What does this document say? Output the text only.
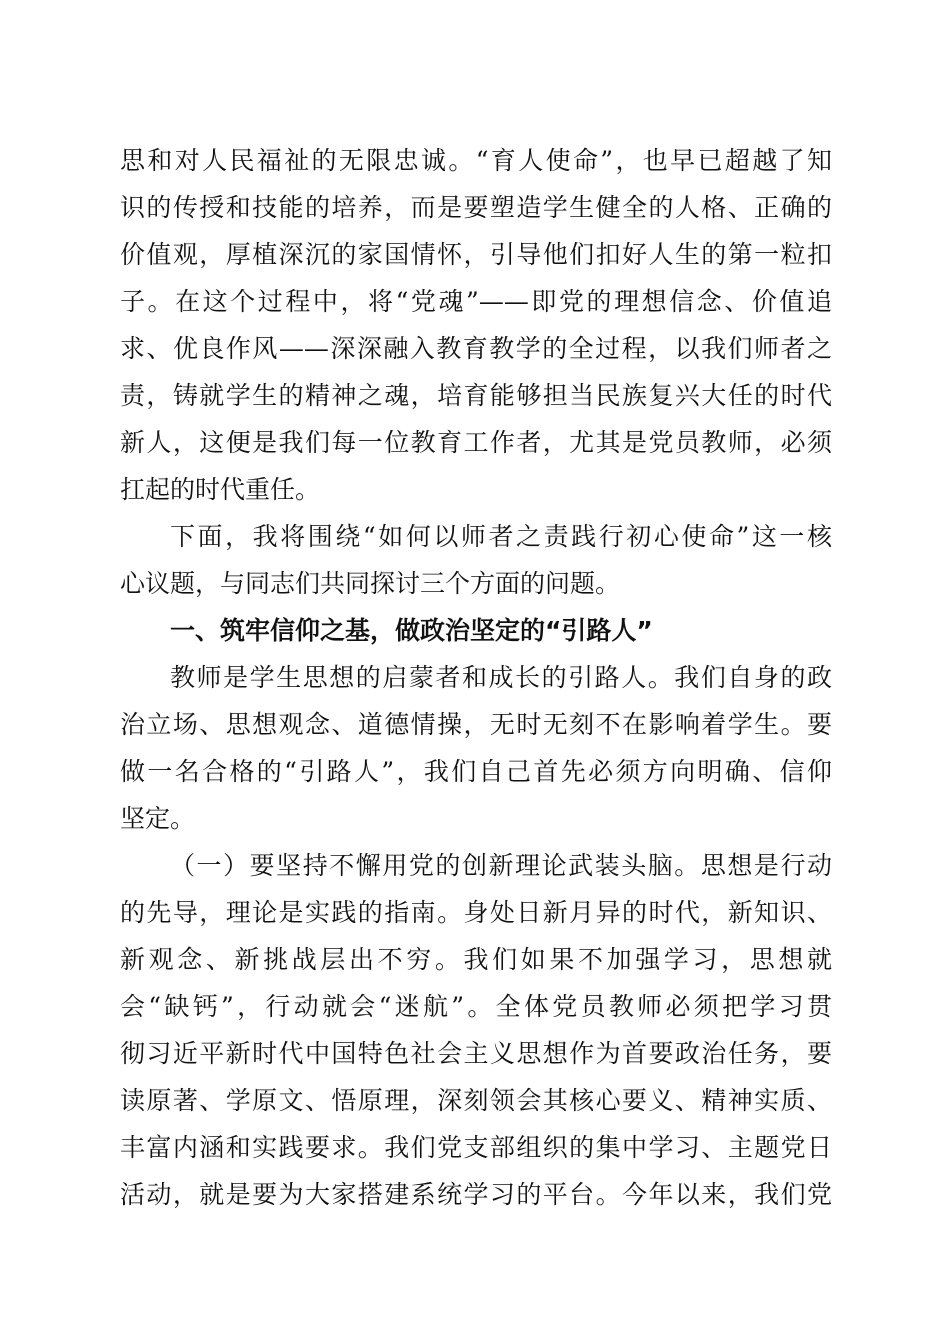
思和对人民福祉的无限忠诚。“育人使命”，也早已超越了知
识的传授和技能的培养，而是要塑造学生健全的人格、正确的
价值观，厚植深沉的家国情怀，引导他们扣好人生的第一粒扣
子。在这个过程中，将“党魂”——即党的理想信念、价值追
求、优良作风——深深融入教育教学的全过程，以我们师者之
责，铸就学生的精神之魂，培育能够担当民族复兴大任的时代
新人，这便是我们每一位教育工作者，尤其是党员教师，必须
扛起的时代重任。
下面，我将围绕“如何以师者之责践行初心使命”这一核
心议题，与同志们共同探讨三个方面的问题。
一、筑牢信仰之基，做政治坚定的“引路人”
教师是学生思想的启蒙者和成长的引路人。我们自身的政
治立场、思想观念、道德情操，无时无刻不在影响着学生。要
做一名合格的“引路人”，我们自己首先必须方向明确、信仰
坚定。
（一）要坚持不懈用党的创新理论武装头脑。思想是行动
的先导，理论是实践的指南。身处日新月异的时代，新知识、
新观念、新挑战层出不穷。我们如果不加强学习，思想就
会“缺钙”，行动就会“迷航”。全体党员教师必须把学习贯
彻习近平新时代中国特色社会主义思想作为首要政治任务，要
读原著、学原文、悟原理，深刻领会其核心要义、精神实质、
丰富内涵和实践要求。我们党支部组织的集中学习、主题党日
活动，就是要为大家搭建系统学习的平台。今年以来，我们党
